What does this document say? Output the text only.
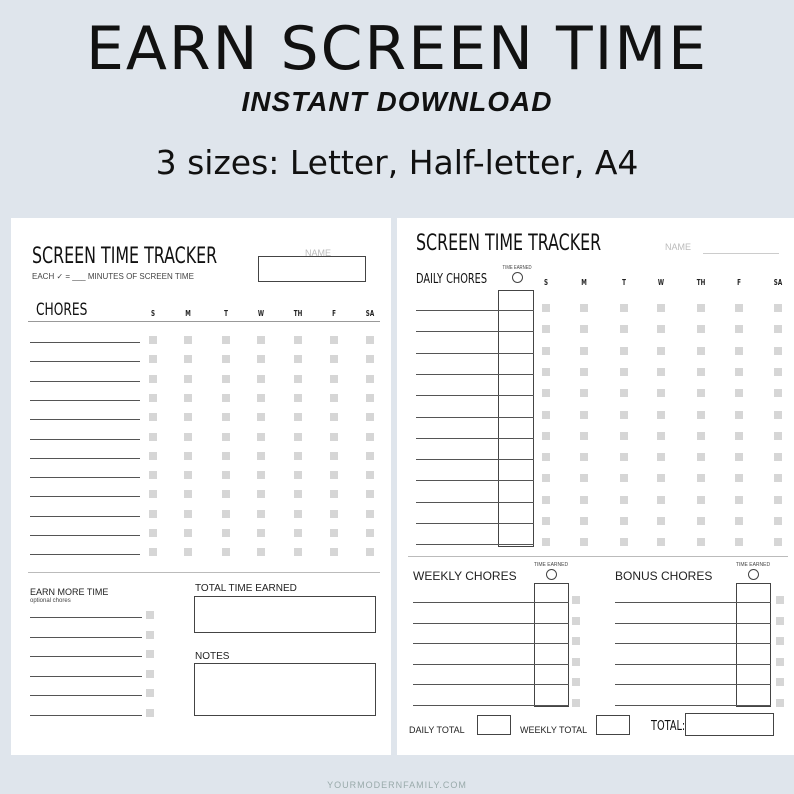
EARN SCREEN TIME
INSTANT DOWNLOAD
3 sizes: Letter, Half-letter, A4
SCREEN TIME TRACKER
EACH ✓ = ___ MINUTES OF SCREEN TIME
NAME
CHORES	S	M	T	W	TH	F	SA
EARN MORE TIME
optional chores
TOTAL TIME EARNED
NOTES
SCREEN TIME TRACKER	NAME
DAILY CHORES
TIME EARNED
S	M	T	W	TH	F	SA
WEEKLY CHORES
TIME EARNED
BONUS CHORES
TIME EARNED
DAILY TOTAL	WEEKLY TOTAL	TOTAL:
YOURMODERNFAMILY.COM
